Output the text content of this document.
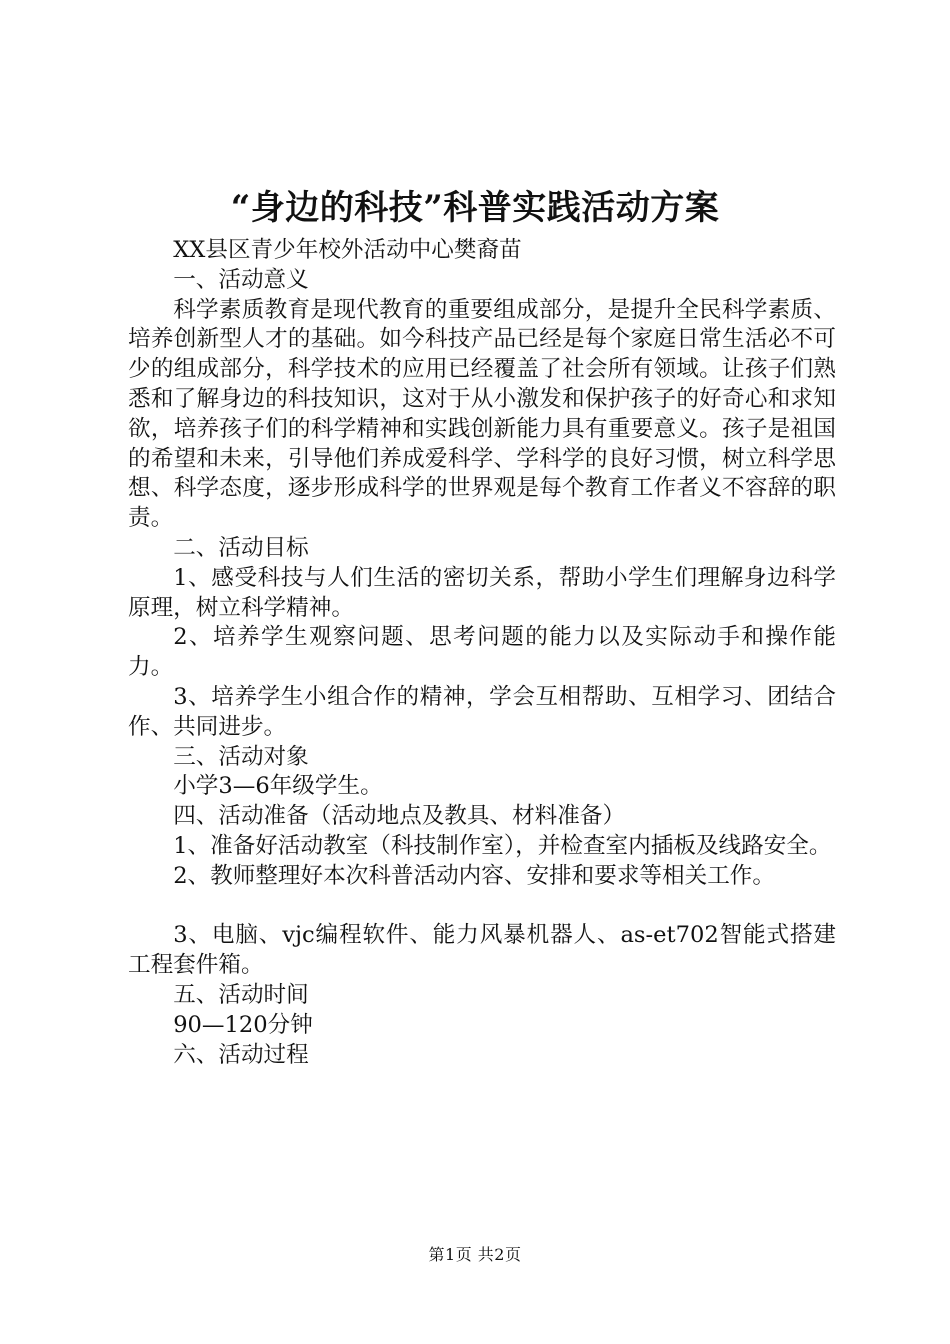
“身边的科技”科普实践活动方案

XX县区青少年校外活动中心樊裔苗

一、活动意义

科学素质教育是现代教育的重要组成部分，是提升全民科学素质、培养创新型人才的基础。如今科技产品已经是每个家庭日常生活必不可少的组成部分，科学技术的应用已经覆盖了社会所有领域。让孩子们熟悉和了解身边的科技知识，这对于从小激发和保护孩子的好奇心和求知欲，培养孩子们的科学精神和实践创新能力具有重要意义。孩子是祖国的希望和未来，引导他们养成爱科学、学科学的良好习惯，树立科学思想、科学态度，逐步形成科学的世界观是每个教育工作者义不容辞的职责。

二、活动目标

1、感受科技与人们生活的密切关系，帮助小学生们理解身边科学原理，树立科学精神。

2、培养学生观察问题、思考问题的能力以及实际动手和操作能力。

3、培养学生小组合作的精神，学会互相帮助、互相学习、团结合作、共同进步。

三、活动对象

小学3—6年级学生。

四、活动准备（活动地点及教具、材料准备）

1、准备好活动教室（科技制作室），并检查室内插板及线路安全。

2、教师整理好本次科普活动内容、安排和要求等相关工作。

3、电脑、vjc编程软件、能力风暴机器人、as-et702智能式搭建工程套件箱。

五、活动时间

90—120分钟

六、活动过程

第1页 共2页
